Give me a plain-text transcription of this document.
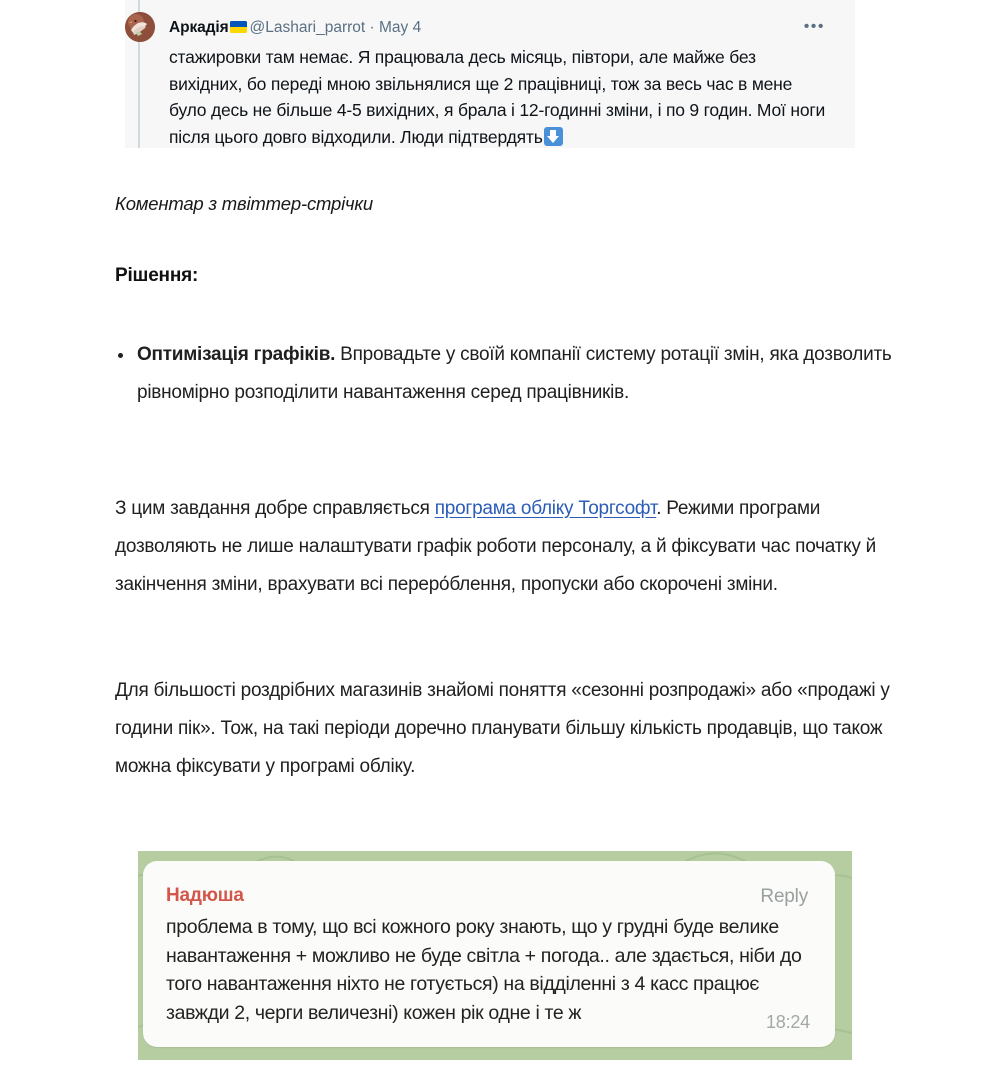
Аркадія @Lashari_parrot · May 4	•••
стажировки там немає. Я працювала десь місяць, півтори, але майже без вихідних, бо переді мною звільнялися ще 2 працівниці, тож за весь час в мене було десь не більше 4-5 вихідних, я брала і 12-годинні зміни, і по 9 годин. Мої ноги після цього довго відходили. Люди підтвердять
Коментар з твіттер-стрічки
Рішення:
Оптимізація графіків. Впровадьте у своїй компанії систему ротації змін, яка дозволить рівномірно розподілити навантаження серед працівників.

З цим завдання добре справляється програма обліку Торгсофт. Режими програми дозволяють не лише налаштувати графік роботи персоналу, а й фіксувати час початку й закінчення зміни, врахувати всі переро́блення, пропуски або скорочені зміни.

Для більшості роздрібних магазинів знайомі поняття «сезонні розпродажі» або «продажі у години пік». Тож, на такі періоди доречно планувати більшу кількість продавців, що також можна фіксувати у програмі обліку.

Надюша	Reply
проблема в тому, що всі кожного року знають, що у грудні буде велике навантаження + можливо не буде світла + погода.. але здається, ніби до того навантаження ніхто не готується) на відділенні з 4 касс працює завжди 2, черги величезні) кожен рік одне і те ж	18:24
